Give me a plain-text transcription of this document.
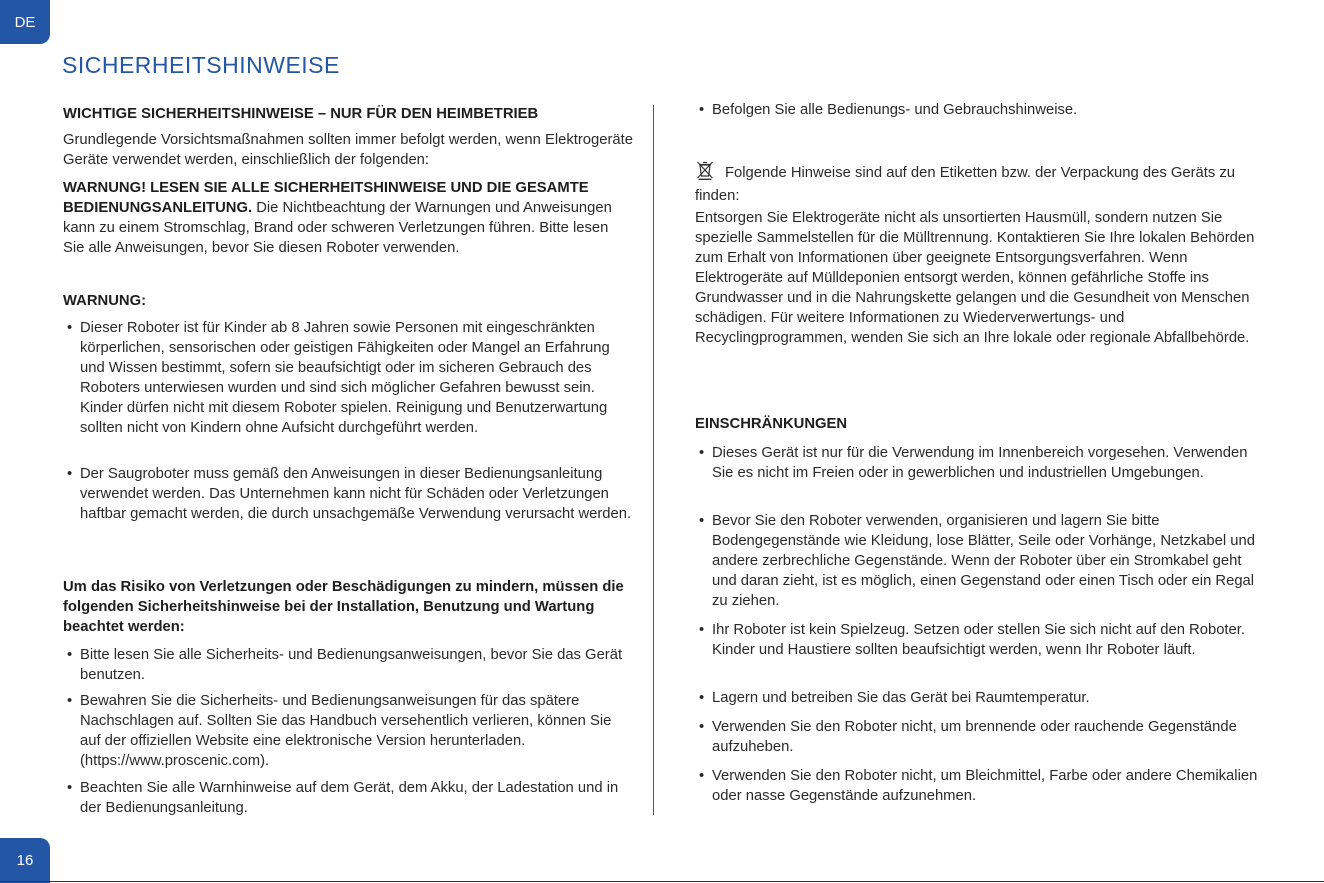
DE
SICHERHEITSHINWEISE

WICHTIGE SICHERHEITSHINWEISE – NUR FÜR DEN HEIMBETRIEB

Grundlegende Vorsichtsmaßnahmen sollten immer befolgt werden, wenn Elektrogeräte Geräte verwendet werden, einschließlich der folgenden:

WARNUNG! LESEN SIE ALLE SICHERHEITSHINWEISE UND DIE GESAMTE BEDIENUNGSANLEITUNG. Die Nichtbeachtung der Warnungen und Anweisungen kann zu einem Stromschlag, Brand oder schweren Verletzungen führen. Bitte lesen Sie alle Anweisungen, bevor Sie diesen Roboter verwenden.

WARNUNG:

• Dieser Roboter ist für Kinder ab 8 Jahren sowie Personen mit eingeschränkten körperlichen, sensorischen oder geistigen Fähigkeiten oder Mangel an Erfahrung und Wissen bestimmt, sofern sie beaufsichtigt oder im sicheren Gebrauch des Roboters unterwiesen wurden und sind sich möglicher Gefahren bewusst sein. Kinder dürfen nicht mit diesem Roboter spielen. Reinigung und Benutzerwartung sollten nicht von Kindern ohne Aufsicht durchgeführt werden.

• Der Saugroboter muss gemäß den Anweisungen in dieser Bedienungsanleitung verwendet werden. Das Unternehmen kann nicht für Schäden oder Verletzungen haftbar gemacht werden, die durch unsachgemäße Verwendung verursacht werden.

Um das Risiko von Verletzungen oder Beschädigungen zu mindern, müssen die folgenden Sicherheitshinweise bei der Installation, Benutzung und Wartung beachtet werden:

• Bitte lesen Sie alle Sicherheits- und Bedienungsanweisungen, bevor Sie das Gerät benutzen.

• Bewahren Sie die Sicherheits- und Bedienungsanweisungen für das spätere Nachschlagen auf. Sollten Sie das Handbuch versehentlich verlieren, können Sie auf der offiziellen Website eine elektronische Version herunterladen. (https://www.proscenic.com).

• Beachten Sie alle Warnhinweise auf dem Gerät, dem Akku, der Ladestation und in der Bedienungsanleitung.

• Befolgen Sie alle Bedienungs- und Gebrauchshinweise.

Folgende Hinweise sind auf den Etiketten bzw. der Verpackung des Geräts zu finden:

Entsorgen Sie Elektrogeräte nicht als unsortierten Hausmüll, sondern nutzen Sie spezielle Sammelstellen für die Mülltrennung. Kontaktieren Sie Ihre lokalen Behörden zum Erhalt von Informationen über geeignete Entsorgungsverfahren. Wenn Elektrogeräte auf Mülldeponien entsorgt werden, können gefährliche Stoffe ins Grundwasser und in die Nahrungskette gelangen und die Gesundheit von Menschen schädigen. Für weitere Informationen zu Wiederverwertungs- und Recyclingprogrammen, wenden Sie sich an Ihre lokale oder regionale Abfallbehörde.

EINSCHRÄNKUNGEN

• Dieses Gerät ist nur für die Verwendung im Innenbereich vorgesehen. Verwenden Sie es nicht im Freien oder in gewerblichen und industriellen Umgebungen.

• Bevor Sie den Roboter verwenden, organisieren und lagern Sie bitte Bodengegenstände wie Kleidung, lose Blätter, Seile oder Vorhänge, Netzkabel und andere zerbrechliche Gegenstände. Wenn der Roboter über ein Stromkabel geht und daran zieht, ist es möglich, einen Gegenstand oder einen Tisch oder ein Regal zu ziehen.

• Ihr Roboter ist kein Spielzeug. Setzen oder stellen Sie sich nicht auf den Roboter. Kinder und Haustiere sollten beaufsichtigt werden, wenn Ihr Roboter läuft.

• Lagern und betreiben Sie das Gerät bei Raumtemperatur.

• Verwenden Sie den Roboter nicht, um brennende oder rauchende Gegenstände aufzuheben.

• Verwenden Sie den Roboter nicht, um Bleichmittel, Farbe oder andere Chemikalien oder nasse Gegenstände aufzunehmen.

16
